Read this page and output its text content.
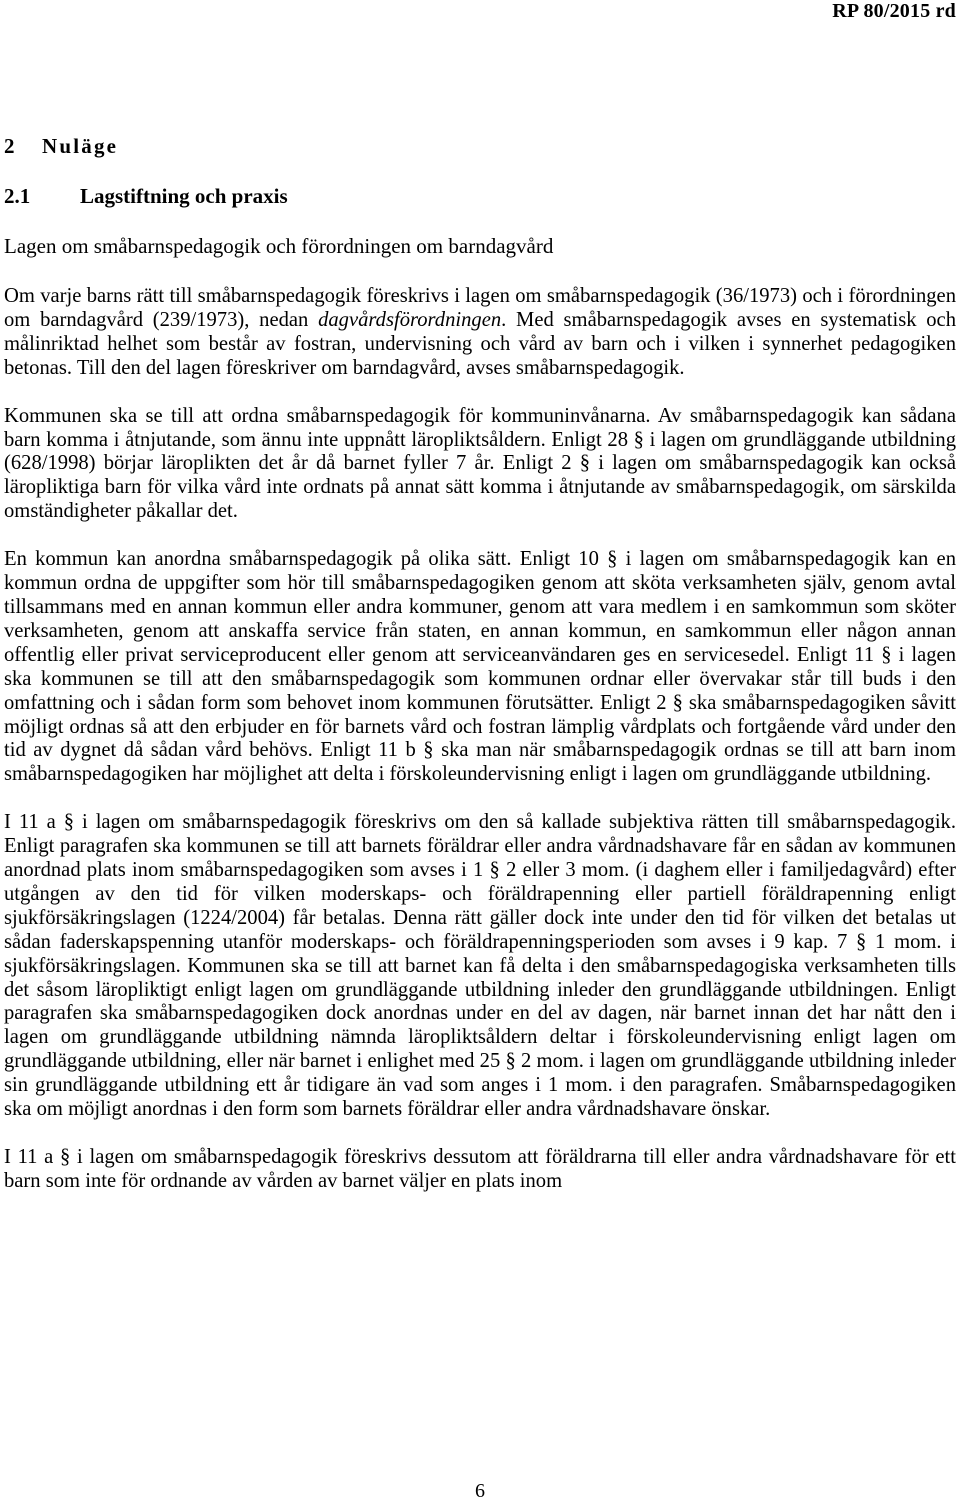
RP 80/2015 rd
2 Nuläge
2.1 Lagstiftning och praxis
Lagen om småbarnspedagogik och förordningen om barndagvård

Om varje barns rätt till småbarnspedagogik föreskrivs i lagen om småbarnspedagogik (36/1973) och i förordningen om barndagvård (239/1973), nedan dagvårdsförordningen. Med småbarnspedagogik avses en systematisk och målinriktad helhet som består av fostran, undervisning och vård av barn och i vilken i synnerhet pedagogiken betonas. Till den del lagen föreskriver om barndagvård, avses småbarnspedagogik.

Kommunen ska se till att ordna småbarnspedagogik för kommuninvånarna. Av småbarnspedagogik kan sådana barn komma i åtnjutande, som ännu inte uppnått läropliktsåldern. Enligt 28 § i lagen om grundläggande utbildning (628/1998) börjar läroplikten det år då barnet fyller 7 år. Enligt 2 § i lagen om småbarnspedagogik kan också läropliktiga barn för vilka vård inte ordnats på annat sätt komma i åtnjutande av småbarnspedagogik, om särskilda omständigheter påkallar det.

En kommun kan anordna småbarnspedagogik på olika sätt. Enligt 10 § i lagen om småbarnspedagogik kan en kommun ordna de uppgifter som hör till småbarnspedagogiken genom att sköta verksamheten själv, genom avtal tillsammans med en annan kommun eller andra kommuner, genom att vara medlem i en samkommun som sköter verksamheten, genom att anskaffa service från staten, en annan kommun, en samkommun eller någon annan offentlig eller privat serviceproducent eller genom att serviceanvändaren ges en servicesedel. Enligt 11 § i lagen ska kommunen se till att den småbarnspedagogik som kommunen ordnar eller övervakar står till buds i den omfattning och i sådan form som behovet inom kommunen förutsätter. Enligt 2 § ska småbarnspedagogiken såvitt möjligt ordnas så att den erbjuder en för barnets vård och fostran lämplig vårdplats och fortgående vård under den tid av dygnet då sådan vård behövs. Enligt 11 b § ska man när småbarnspedagogik ordnas se till att barn inom småbarnspedagogiken har möjlighet att delta i förskoleundervisning enligt i lagen om grundläggande utbildning.

I 11 a § i lagen om småbarnspedagogik föreskrivs om den så kallade subjektiva rätten till småbarnspedagogik. Enligt paragrafen ska kommunen se till att barnets föräldrar eller andra vårdnadshavare får en sådan av kommunen anordnad plats inom småbarnspedagogiken som avses i 1 § 2 eller 3 mom. (i daghem eller i familjedagvård) efter utgången av den tid för vilken moderskaps- och föräldrapenning eller partiell föräldrapenning enligt sjukförsäkringslagen (1224/2004) får betalas. Denna rätt gäller dock inte under den tid för vilken det betalas ut sådan faderskapspenning utanför moderskaps- och föräldrapenningsperioden som avses i 9 kap. 7 § 1 mom. i sjukförsäkringslagen. Kommunen ska se till att barnet kan få delta i den småbarnspedagogiska verksamheten tills det såsom läropliktigt enligt lagen om grundläggande utbildning inleder den grundläggande utbildningen. Enligt paragrafen ska småbarnspedagogiken dock anordnas under en del av dagen, när barnet innan det har nått den i lagen om grundläggande utbildning nämnda läropliktsåldern deltar i förskoleundervisning enligt lagen om grundläggande utbildning, eller när barnet i enlighet med 25 § 2 mom. i lagen om grundläggande utbildning inleder sin grundläggande utbildning ett år tidigare än vad som anges i 1 mom. i den paragrafen. Småbarnspedagogiken ska om möjligt anordnas i den form som barnets föräldrar eller andra vårdnadshavare önskar.

I 11 a § i lagen om småbarnspedagogik föreskrivs dessutom att föräldrarna till eller andra vårdnadshavare för ett barn som inte för ordnande av vården av barnet väljer en plats inom

6
